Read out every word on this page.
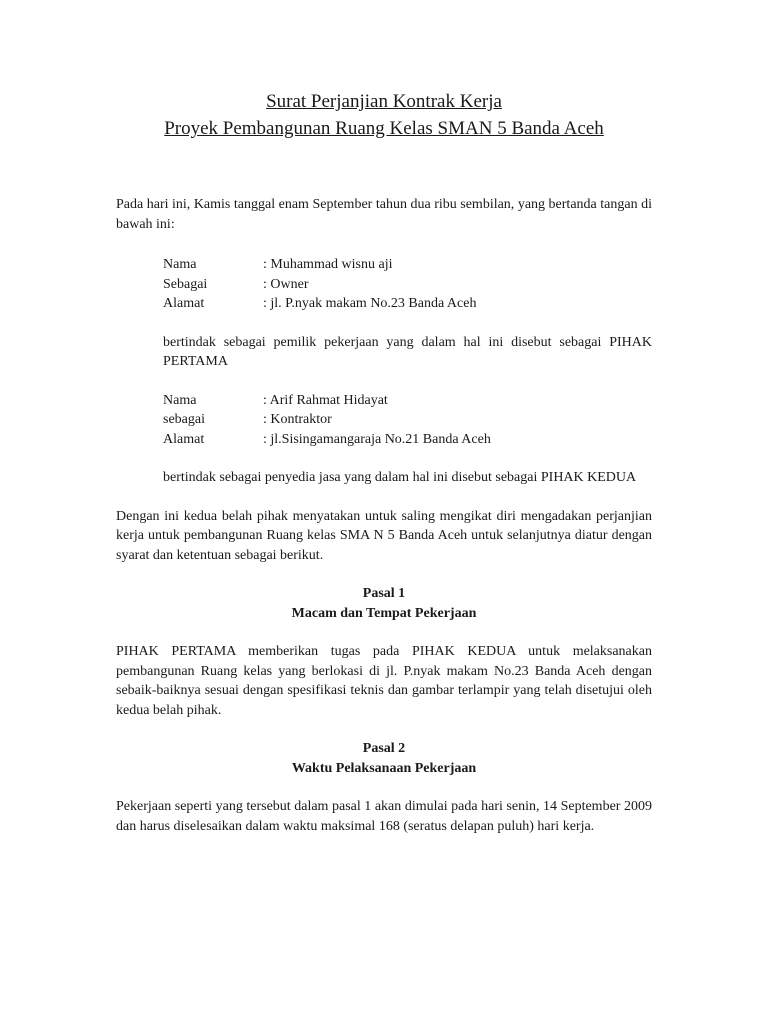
Surat Perjanjian Kontrak Kerja
Proyek Pembangunan Ruang Kelas SMAN 5 Banda Aceh

Pada hari ini, Kamis tanggal enam September tahun dua ribu sembilan, yang bertanda tangan di bawah ini:

Nama	: Muhammad wisnu aji
Sebagai	: Owner
Alamat	: jl. P.nyak makam No.23 Banda Aceh

bertindak sebagai pemilik pekerjaan yang dalam hal ini disebut sebagai PIHAK PERTAMA

Nama	: Arif Rahmat Hidayat
sebagai	: Kontraktor
Alamat	: jl.Sisingamangaraja No.21 Banda Aceh

bertindak sebagai penyedia jasa yang dalam hal ini disebut sebagai PIHAK KEDUA

Dengan ini kedua belah pihak menyatakan untuk saling mengikat diri mengadakan perjanjian kerja untuk pembangunan Ruang kelas SMA N 5 Banda Aceh untuk selanjutnya diatur dengan syarat dan ketentuan sebagai berikut.

Pasal 1

Macam dan Tempat Pekerjaan

PIHAK PERTAMA memberikan tugas pada PIHAK KEDUA untuk melaksanakan pembangunan Ruang kelas yang berlokasi di jl. P.nyak makam No.23 Banda Aceh dengan sebaik-baiknya sesuai dengan spesifikasi teknis dan gambar terlampir yang telah disetujui oleh kedua belah pihak.

Pasal 2

Waktu Pelaksanaan Pekerjaan

Pekerjaan seperti yang tersebut dalam pasal 1 akan dimulai pada hari senin, 14 September 2009 dan harus diselesaikan dalam waktu maksimal 168 (seratus delapan puluh) hari kerja.
